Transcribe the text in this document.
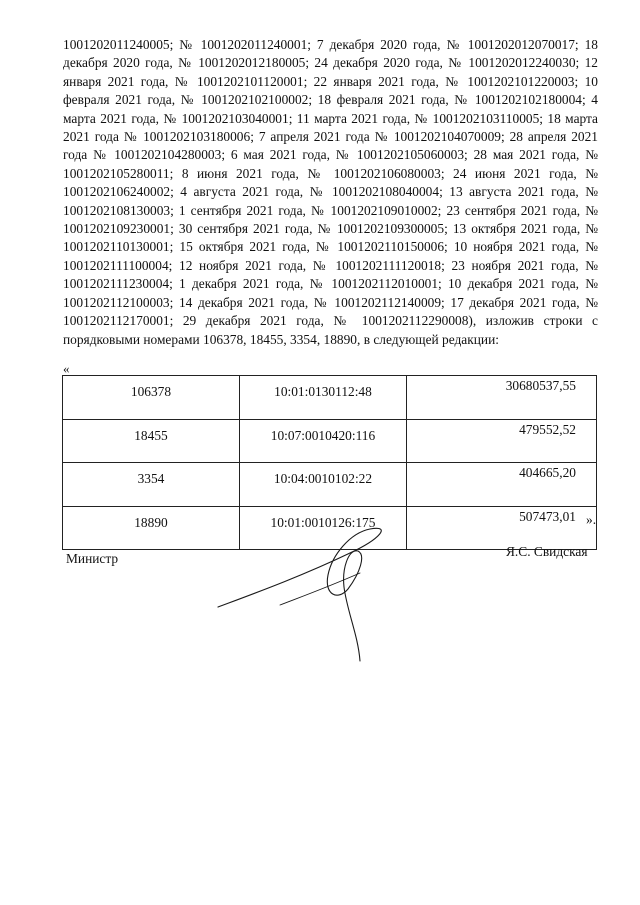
1001202011240005; № 1001202011240001; 7 декабря 2020 года, № 1001202012070017; 18 декабря 2020 года, № 1001202012180005; 24 декабря 2020 года, № 1001202012240030; 12 января 2021 года, № 1001202101120001; 22 января 2021 года, № 1001202101220003; 10 февраля 2021 года, № 1001202102100002; 18 февраля 2021 года, № 1001202102180004; 4 марта 2021 года, № 1001202103040001; 11 марта 2021 года, № 1001202103110005; 18 марта 2021 года № 1001202103180006; 7 апреля 2021 года № 1001202104070009; 28 апреля 2021 года № 1001202104280003; 6 мая 2021 года, № 1001202105060003; 28 мая 2021 года, № 1001202105280011; 8 июня 2021 года, № 1001202106080003; 24 июня 2021 года, № 1001202106240002; 4 августа 2021 года, № 1001202108040004; 13 августа 2021 года, № 1001202108130003; 1 сентября 2021 года, № 1001202109010002; 23 сентября 2021 года, № 1001202109230001; 30 сентября 2021 года, № 1001202109300005; 13 октября 2021 года, № 1001202110130001; 15 октября 2021 года, № 1001202110150006; 10 ноября 2021 года, № 1001202111100004; 12 ноября 2021 года, № 1001202111120018; 23 ноября 2021 года, № 1001202111230004; 1 декабря 2021 года, № 1001202112010001; 10 декабря 2021 года, № 1001202112100003; 14 декабря 2021 года, № 1001202112140009; 17 декабря 2021 года, № 1001202112170001; 29 декабря 2021 года, № 1001202112290008), изложив строки с порядковыми номерами 106378, 18455, 3354, 18890, в следующей редакции:

«
106378	10:01:0130112:48	30680537,55
18455	10:07:0010420:116	479552,52
3354	10:04:0010102:22	404665,20
18890	10:01:0010126:175	507473,01 ».
Министр	Я.С. Свидская
